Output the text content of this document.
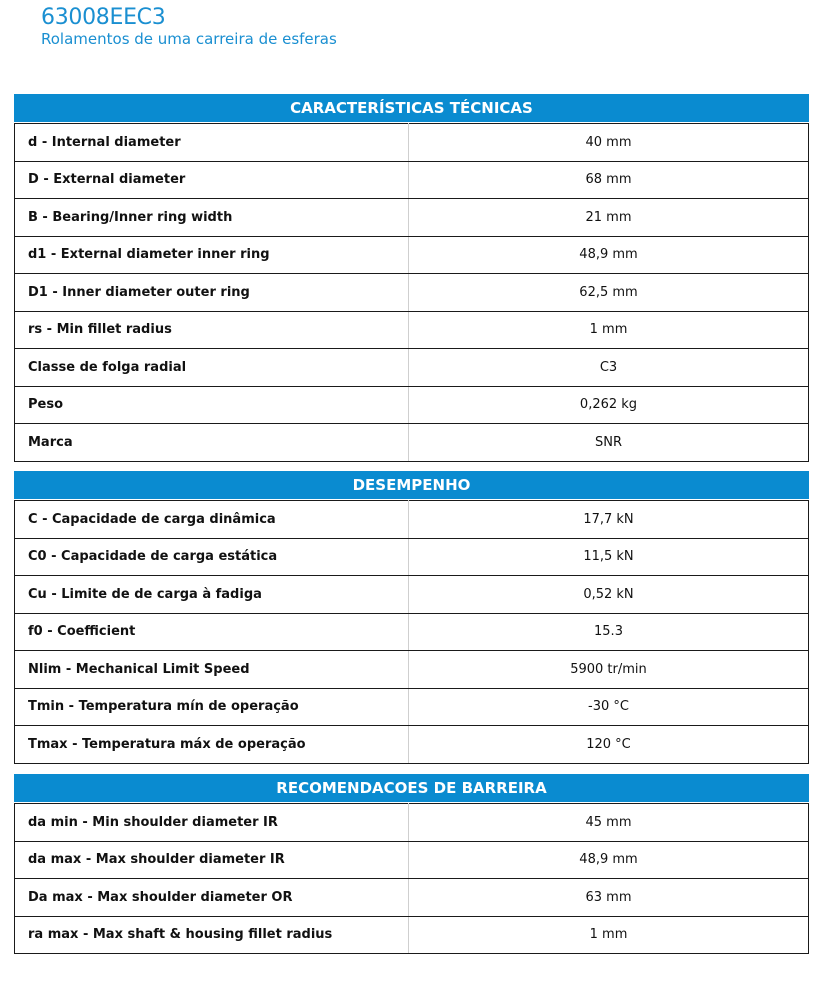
63008EEC3
Rolamentos de uma carreira de esferas
CARACTERÍSTICAS TÉCNICAS
d - Internal diameter	40 mm
D - External diameter	68 mm
B - Bearing/Inner ring width	21 mm
d1 - External diameter inner ring	48,9 mm
D1 - Inner diameter outer ring	62,5 mm
rs - Min fillet radius	1 mm
Classe de folga radial	C3
Peso	0,262 kg
Marca	SNR
DESEMPENHO
C - Capacidade de carga dinâmica	17,7 kN
C0 - Capacidade de carga estática	11,5 kN
Cu - Limite de de carga à fadiga	0,52 kN
f0 - Coefficient	15.3
Nlim - Mechanical Limit Speed	5900 tr/min
Tmin - Temperatura mín de operação	-30 °C
Tmax - Temperatura máx de operação	120 °C
RECOMENDACOES DE BARREIRA
da min - Min shoulder diameter IR	45 mm
da max - Max shoulder diameter IR	48,9 mm
Da max - Max shoulder diameter OR	63 mm
ra max - Max shaft & housing fillet radius	1 mm
